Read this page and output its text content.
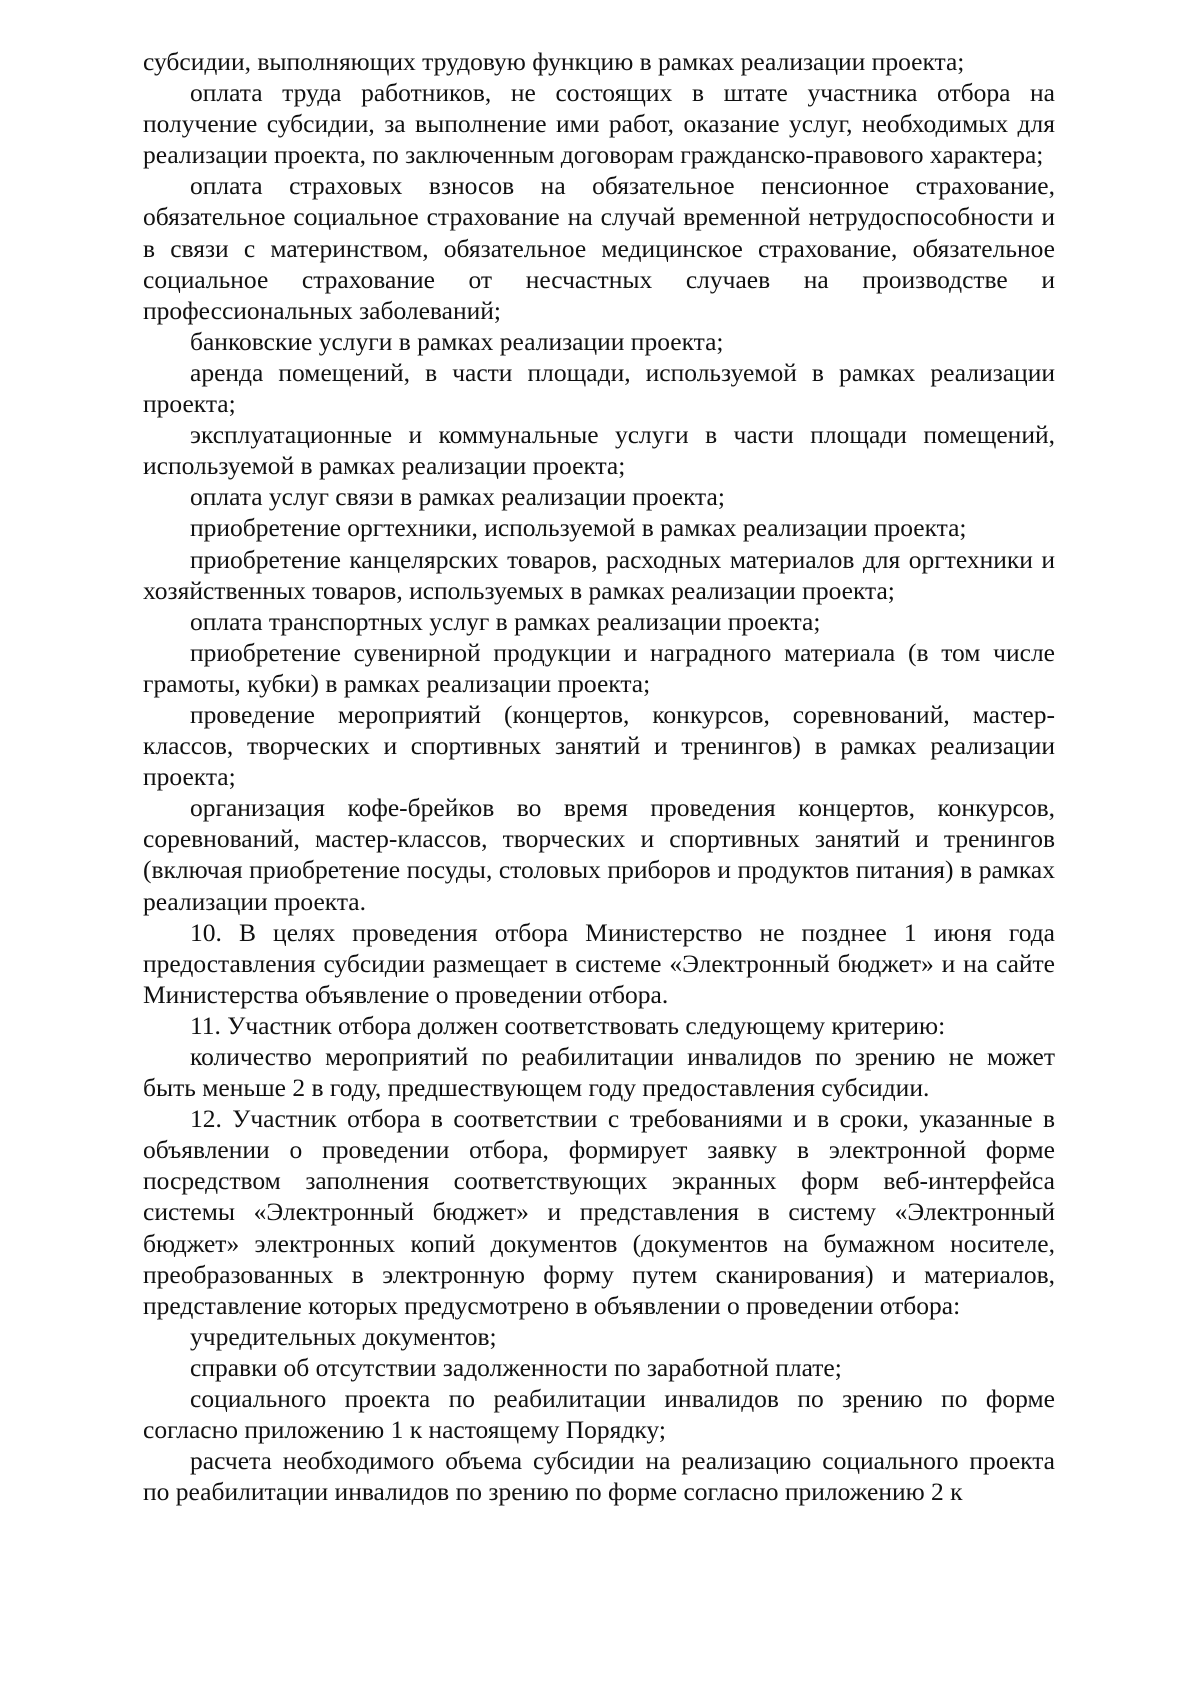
субсидии, выполняющих трудовую функцию в рамках реализации проекта;

оплата труда работников, не состоящих в штате участника отбора на получение субсидии, за выполнение ими работ, оказание услуг, необходимых для реализации проекта, по заключенным договорам гражданско-правового характера;

оплата страховых взносов на обязательное пенсионное страхование, обязательное социальное страхование на случай временной нетрудоспособности и в связи с материнством, обязательное медицинское страхование, обязательное социальное страхование от несчастных случаев на производстве и профессиональных заболеваний;

банковские услуги в рамках реализации проекта;

аренда помещений, в части площади, используемой в рамках реализации проекта;

эксплуатационные и коммунальные услуги в части площади помещений, используемой в рамках реализации проекта;

оплата услуг связи в рамках реализации проекта;

приобретение оргтехники, используемой в рамках реализации проекта;

приобретение канцелярских товаров, расходных материалов для оргтехники и хозяйственных товаров, используемых в рамках реализации проекта;

оплата транспортных услуг в рамках реализации проекта;

приобретение сувенирной продукции и наградного материала (в том числе грамоты, кубки) в рамках реализации проекта;

проведение мероприятий (концертов, конкурсов, соревнований, мастер-классов, творческих и спортивных занятий и тренингов) в рамках реализации проекта;

организация кофе-брейков во время проведения концертов, конкурсов, соревнований, мастер-классов, творческих и спортивных занятий и тренингов (включая приобретение посуды, столовых приборов и продуктов питания) в рамках реализации проекта.

10. В целях проведения отбора Министерство не позднее 1 июня года предоставления субсидии размещает в системе «Электронный бюджет» и на сайте Министерства объявление о проведении отбора.

11. Участник отбора должен соответствовать следующему критерию:

количество мероприятий по реабилитации инвалидов по зрению не может быть меньше 2 в году, предшествующем году предоставления субсидии.

12. Участник отбора в соответствии с требованиями и в сроки, указанные в объявлении о проведении отбора, формирует заявку в электронной форме посредством заполнения соответствующих экранных форм веб-интерфейса системы «Электронный бюджет» и представления в систему «Электронный бюджет» электронных копий документов (документов на бумажном носителе, преобразованных в электронную форму путем сканирования) и материалов, представление которых предусмотрено в объявлении о проведении отбора:

учредительных документов;

справки об отсутствии задолженности по заработной плате;

социального проекта по реабилитации инвалидов по зрению по форме согласно приложению 1 к настоящему Порядку;

расчета необходимого объема субсидии на реализацию социального проекта по реабилитации инвалидов по зрению по форме согласно приложению 2 к
